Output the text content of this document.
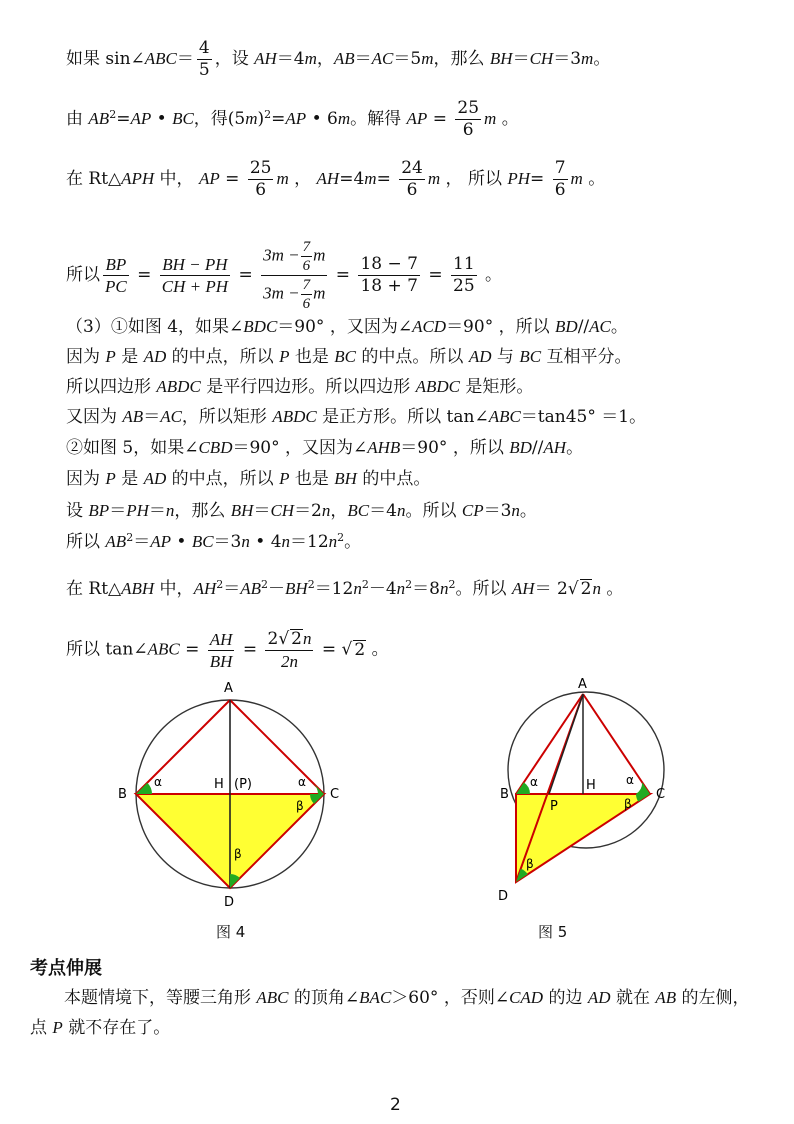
如果 sin∠ABC＝ $\frac{4}{5}$ ，设 AH＝4m，AB＝AC＝5m，那么 BH＝CH＝3m。
由 $AB^2=AP$ • BC，得$(5m)^2=AP$ • 6m。解得 AP = $\frac{25}{6}$ m 。
在 Rt△APH 中， AP = $\frac{25}{6}$ m ， $AH=4m= \frac{24}{6}$ m ， 所以 $PH= \frac{7}{6}$ m 。
所以 $\frac{BP}{PC} = \frac{BH - PH}{CH + PH} = \frac{3m - \frac{7}{6} m}{3m - \frac{7}{6} m} = \frac{18 - 7}{18 + 7} = \frac{11}{25}$ 。
（3）①如图 4，如果∠BDC＝90° ，又因为∠ACD＝90° ，所以 BD//AC。
因为 P 是 AD 的中点，所以 P 也是 BC 的中点。所以 AD 与 BC 互相平分。
所以四边形 ABDC 是平行四边形。所以四边形 ABDC 是矩形。
又因为 AB＝AC，所以矩形 ABDC 是正方形。所以 tan∠ABC＝tan45° ＝1。
②如图 5，如果∠CBD＝90° ，又因为∠AHB＝90° ，所以 BD//AH。
因为 P 是 AD 的中点，所以 P 也是 BH 的中点。
设 BP＝PH＝n，那么 BH＝CH＝2n，BC＝4n。所以 CP＝3n。
所以 $AB^2=AP$ • BC＝3n • $4n=12n^2$。
在 Rt△ABH 中，$AH^2=AB^2-BH^2=12n^2-4n^2=8n^2$。所以 AH＝ 2√ 2n 。
所以 tan∠ABC = $\frac{AH}{BH} = \frac{2√ 2n}{2n}$ = √ 2 。
A
B	C
D
H (P)
α	α
β
β
图 4
A
B	C
D
H
P
α	α
β
β
图 5
考点伸展
本题情境下，等腰三角形 ABC 的顶角∠BAC＞60° ，否则∠CAD 的边 AD 就在 AB 的左侧，点 P 就不存在了。
2
